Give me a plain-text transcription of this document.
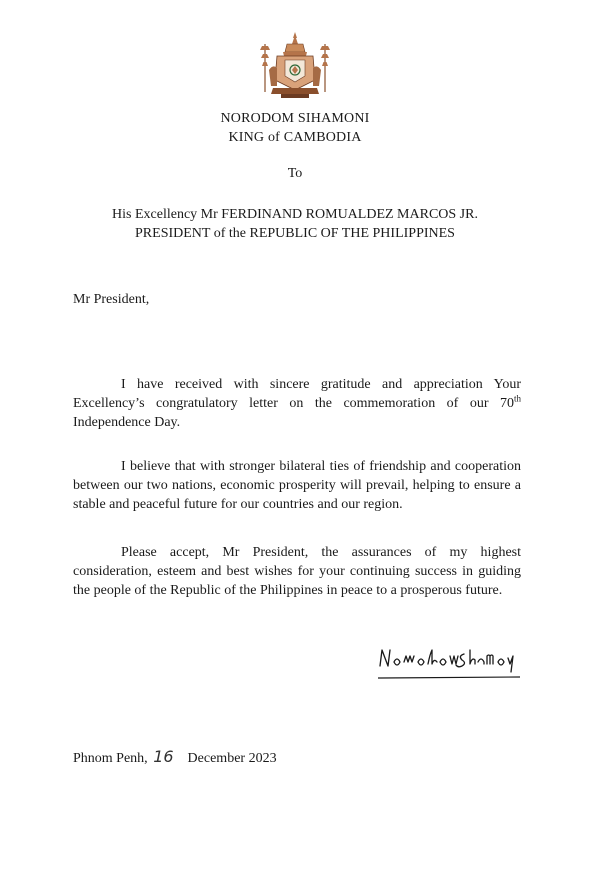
NORODOM SIHAMONI
KING of CAMBODIA
To
His Excellency Mr FERDINAND ROMUALDEZ MARCOS JR.
PRESIDENT of the REPUBLIC OF THE PHILIPPINES
Mr President,

I have received with sincere gratitude and appreciation Your Excellency’s congratulatory letter on the commemoration of our 70th Independence Day.

I believe that with stronger bilateral ties of friendship and cooperation between our two nations, economic prosperity will prevail, helping to ensure a stable and peaceful future for our countries and our region.

Please accept, Mr President, the assurances of my highest consideration, esteem and best wishes for your continuing success in guiding the people of the Republic of the Philippines in peace to a prosperous future.

Phnom Penh, 16 December 2023
